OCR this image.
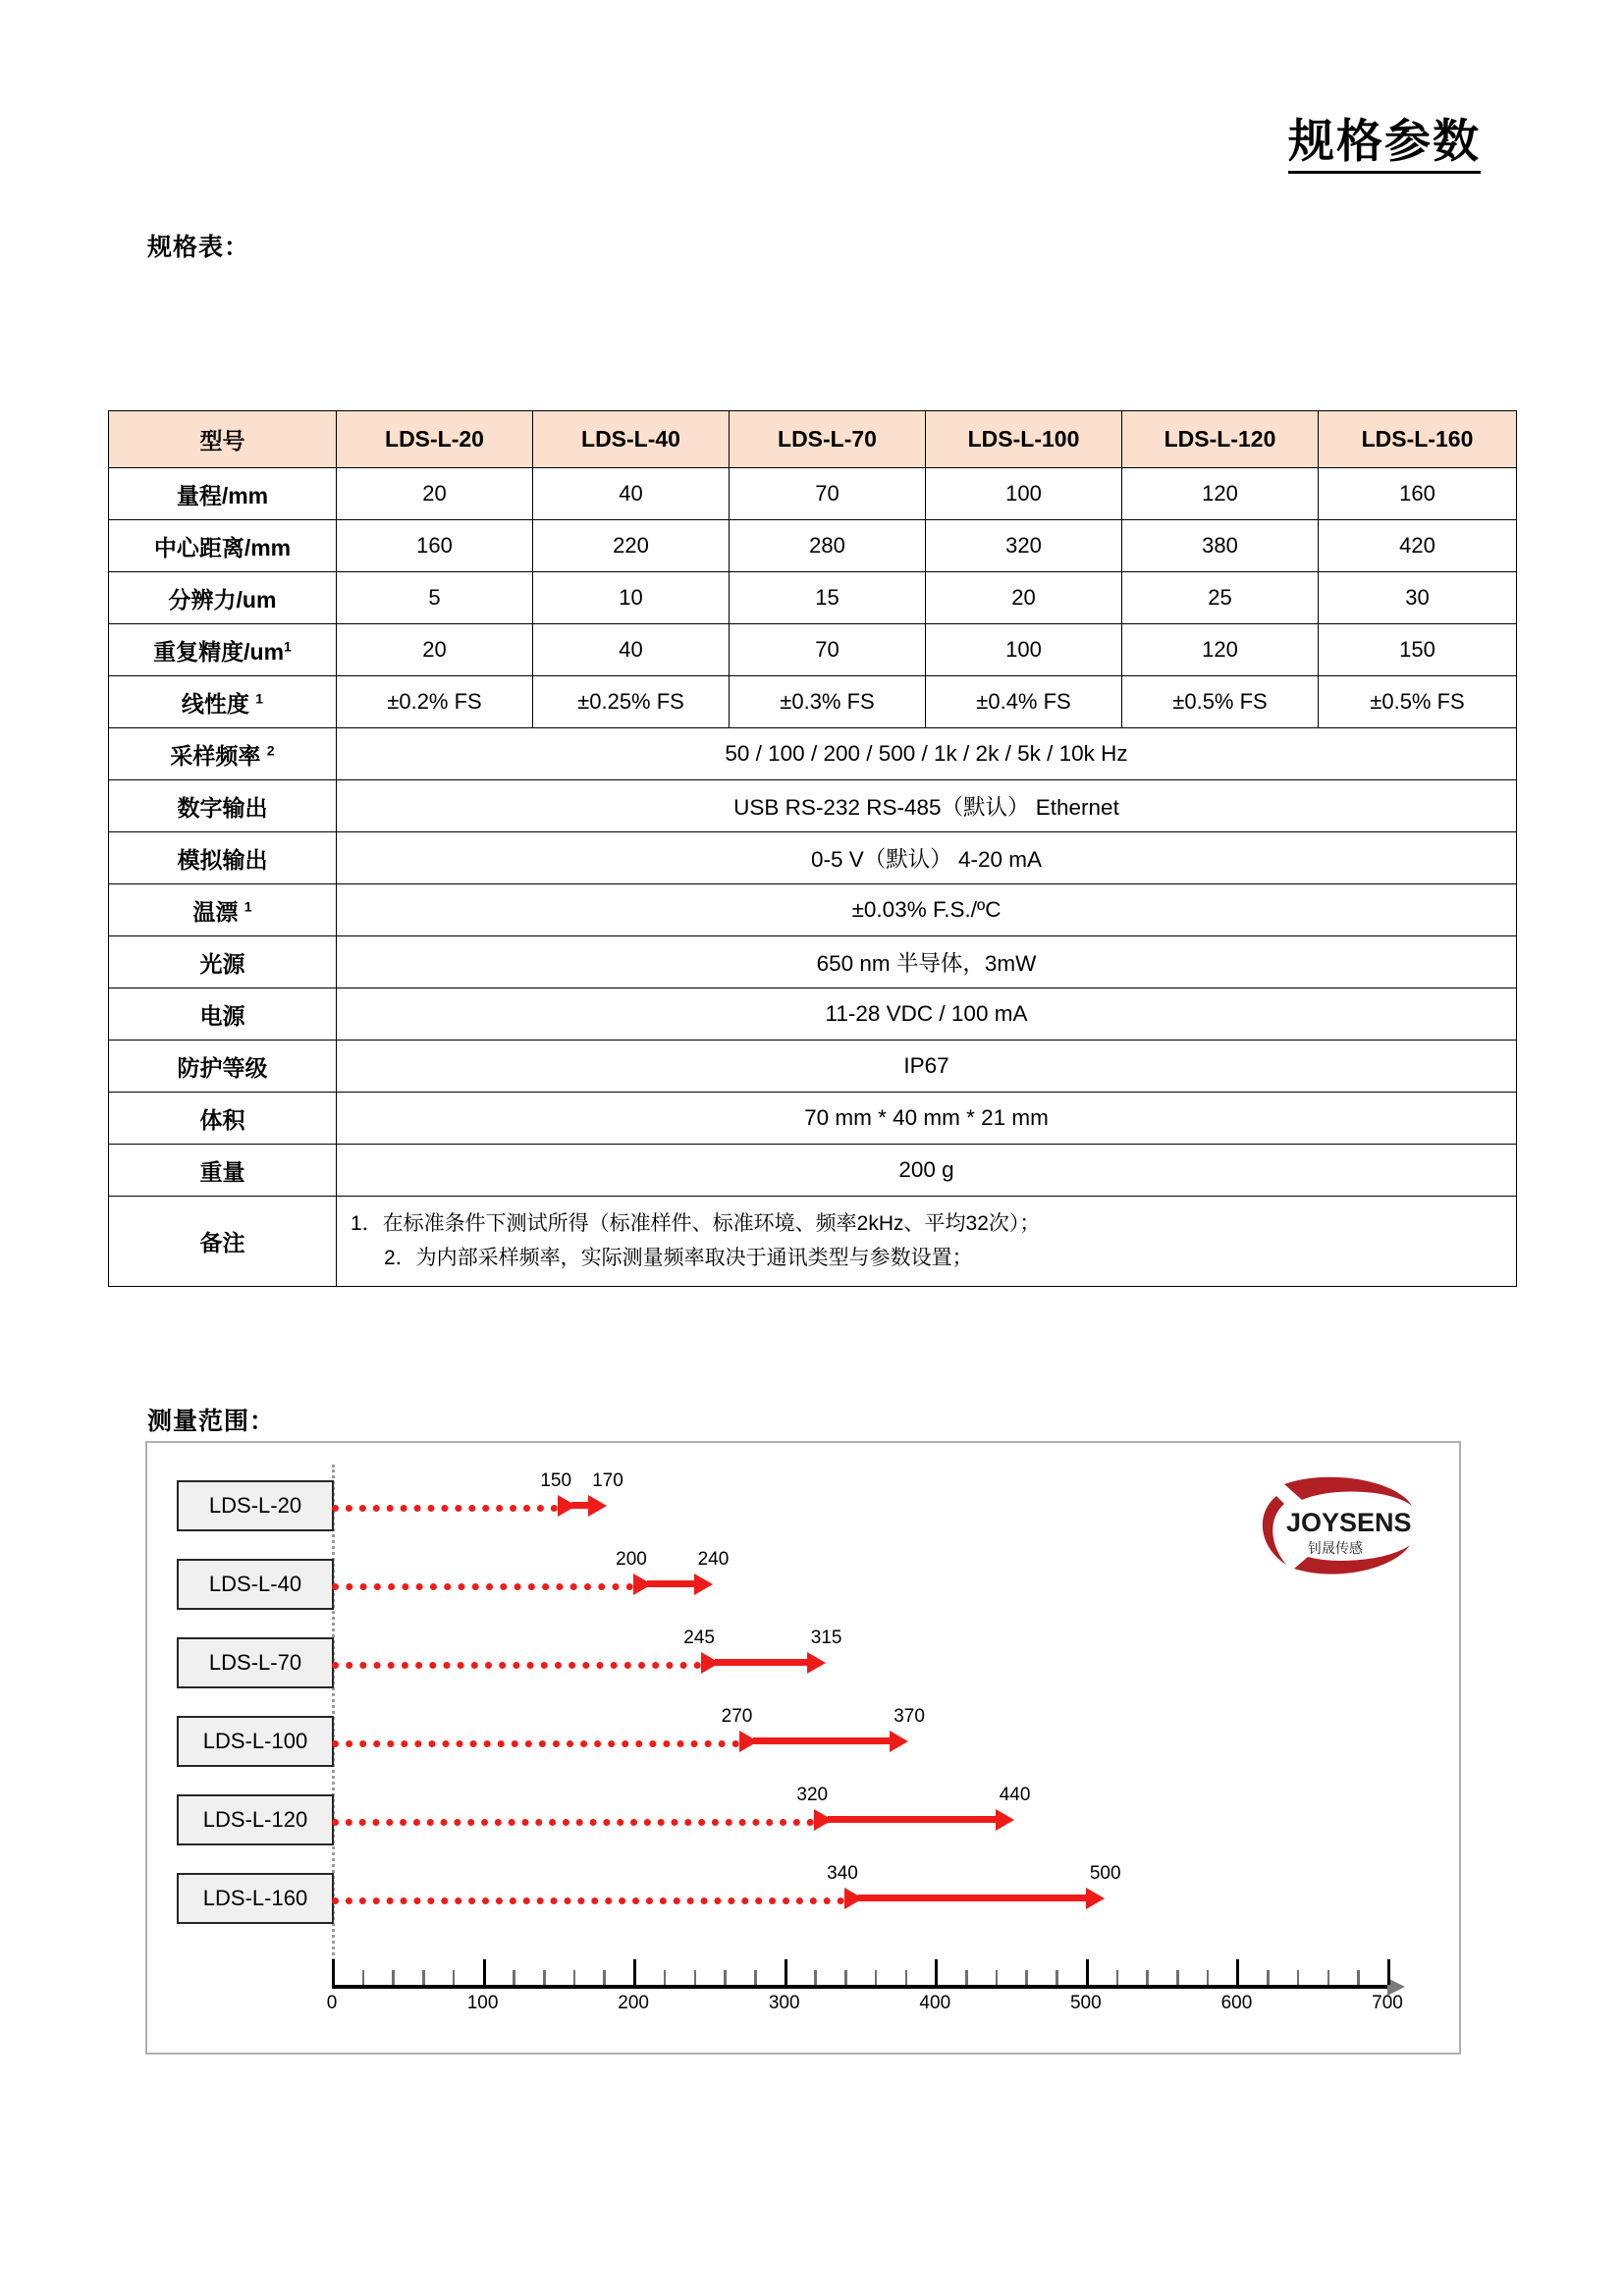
规格参数
规格表：
型号	LDS-L-20	LDS-L-40	LDS-L-70	LDS-L-100	LDS-L-120	LDS-L-160
量程/mm	20	40	70	100	120	160
中心距离/mm	160	220	280	320	380	420
分辨力/um	5	10	15	20	25	30
重复精度$/um^1$	20	40	70	100	120	150
线性度 $^1$	±0.2% FS	±0.25% FS	±0.3% FS	±0.4% FS	±0.5% FS	±0.5% FS
采样频率 $^2$	50 / 100 / 200 / 500 / 1k / 2k / 5k / 10k Hz					
数字输出	USB RS-232 RS-485（默认） Ethernet					
模拟输出	0-5 V（默认） 4-20 mA					
温漂 $^1$	±0.03% F.S./ºC					
光源	650 nm 半导体，3mW					
电源	11-28 VDC / 100 mA					
防护等级	IP67					
体积	70 mm * 40 mm * 21 mm					
重量	200 g					
备注	1．在标准条件下测试所得（标准样件、标准环境、频率2kHz、平均32次）；
2．为内部采样频率，实际测量频率取决于通讯类型与参数设置；					
测量范围：
JOYSENS
钊晟传感
LDS-L-20
150 170
LDS-L-40
200	240
LDS-L-70
245	315
LDS-L-100
270	370
LDS-L-120
320	440
LDS-L-160
340	500
0	100	200	300	400	500	600	700
